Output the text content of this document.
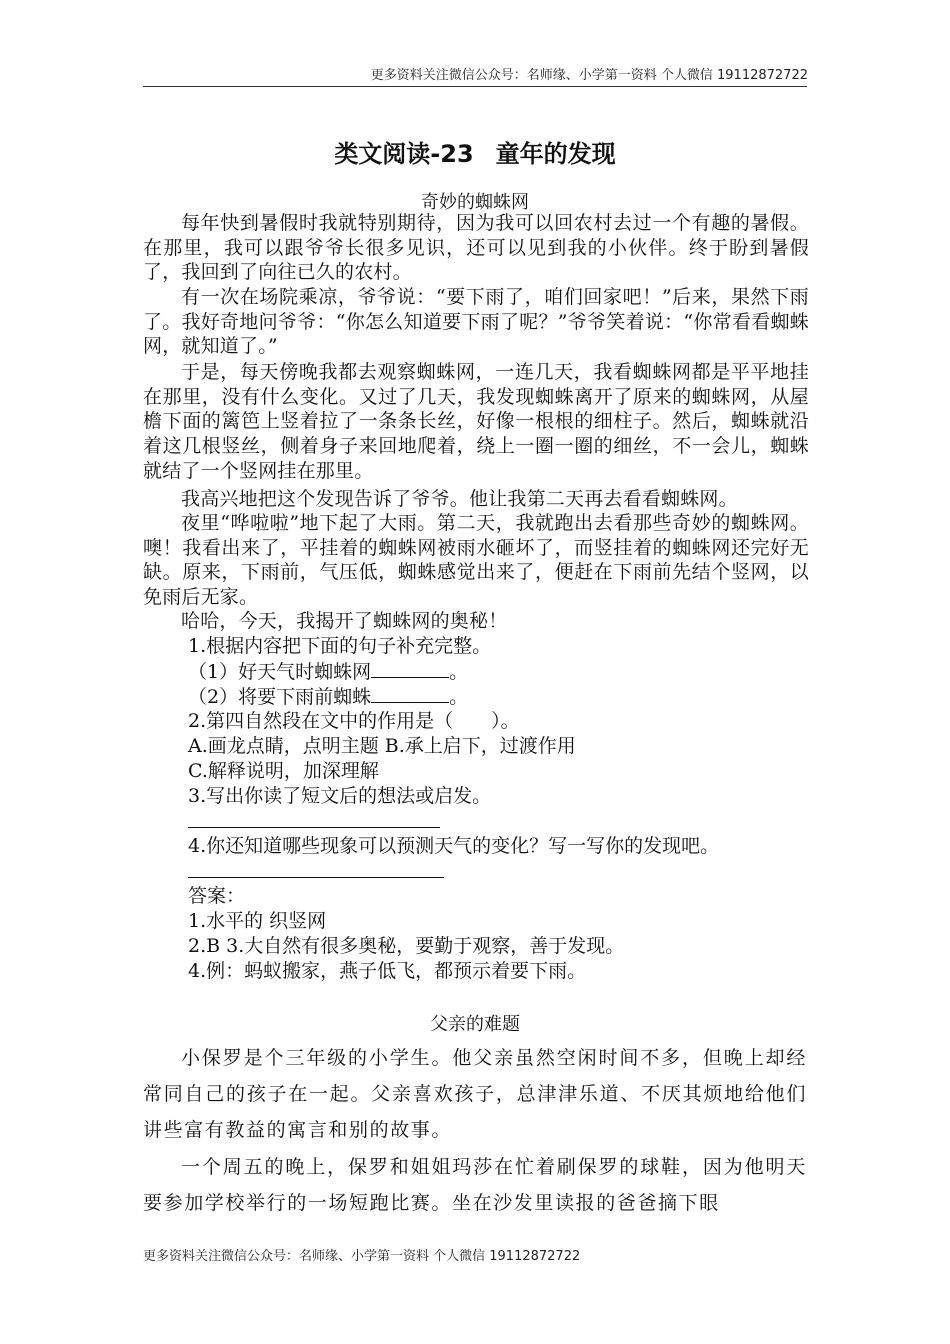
更多资料关注微信公众号：名师缘、小学第一资料 个人微信 19112872722
类文阅读-23 童年的发现
奇妙的蜘蛛网

每年快到暑假时我就特别期待，因为我可以回农村去过一个有趣的暑假。在那里，我可以跟爷爷长很多见识，还可以见到我的小伙伴。终于盼到暑假了，我回到了向往已久的农村。

有一次在场院乘凉，爷爷说：“要下雨了，咱们回家吧！”后来，果然下雨了。我好奇地问爷爷：“你怎么知道要下雨了呢？”爷爷笑着说：“你常看看蜘蛛网，就知道了。”

于是，每天傍晚我都去观察蜘蛛网，一连几天，我看蜘蛛网都是平平地挂在那里，没有什么变化。又过了几天，我发现蜘蛛离开了原来的蜘蛛网，从屋檐下面的篱笆上竖着拉了一条条长丝，好像一根根的细柱子。然后，蜘蛛就沿着这几根竖丝，侧着身子来回地爬着，绕上一圈一圈的细丝，不一会儿，蜘蛛就结了一个竖网挂在那里。

我高兴地把这个发现告诉了爷爷。他让我第二天再去看看蜘蛛网。

夜里“哗啦啦”地下起了大雨。第二天，我就跑出去看那些奇妙的蜘蛛网。噢！我看出来了，平挂着的蜘蛛网被雨水砸坏了，而竖挂着的蜘蛛网还完好无缺。原来，下雨前，气压低，蜘蛛感觉出来了，便赶在下雨前先结个竖网，以免雨后无家。

哈哈，今天，我揭开了蜘蛛网的奥秘！

1.根据内容把下面的句子补充完整。
（1）好天气时蜘蛛网	。
（2）将要下雨前蜘蛛	。
2.第四自然段在文中的作用是（　　）。
A.画龙点睛，点明主题 B.承上启下，过渡作用
C.解释说明，加深理解
3.写出你读了短文后的想法或启发。
4.你还知道哪些现象可以预测天气的变化？写一写你的发现吧。
答案：
1.水平的 织竖网
2.B 3.大自然有很多奥秘，要勤于观察，善于发现。
4.例：蚂蚁搬家，燕子低飞，都预示着要下雨。
父亲的难题

小保罗是个三年级的小学生。他父亲虽然空闲时间不多，但晚上却经常同自己的孩子在一起。父亲喜欢孩子，总津津乐道、不厌其烦地给他们讲些富有教益的寓言和别的故事。

一个周五的晚上，保罗和姐姐玛莎在忙着刷保罗的球鞋，因为他明天要参加学校举行的一场短跑比赛。坐在沙发里读报的爸爸摘下眼

更多资料关注微信公众号：名师缘、小学第一资料 个人微信 19112872722
